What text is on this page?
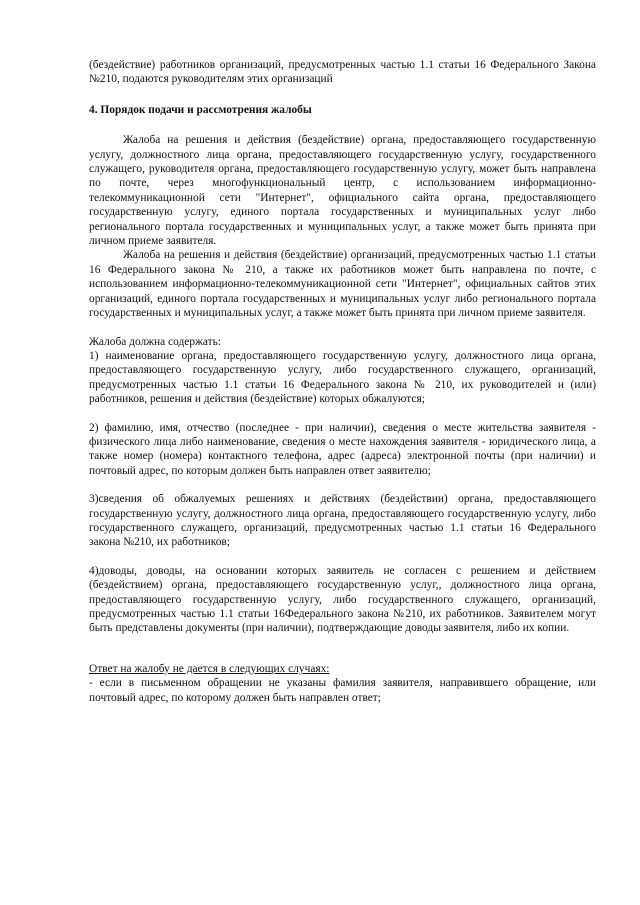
(бездействие) работников организаций, предусмотренных частью 1.1 статьи 16 Федерального Закона №210, подаются руководителям этих организаций

4. Порядок подачи и рассмотрения жалобы

Жалоба на решения и действия (бездействие) органа, предоставляющего государственную услугу, должностного лица органа, предоставляющего государственную услугу, государственного служащего, руководителя органа, предоставляющего государственную услугу, может быть направлена по почте, через многофункциональный центр, с использованием информационно-телекоммуникационной сети "Интернет", официального сайта органа, предоставляющего государственную услугу, единого портала государственных и муниципальных услуг либо регионального портала государственных и муниципальных услуг, а также может быть принята при личном приеме заявителя.

Жалоба на решения и действия (бездействие) организаций, предусмотренных частью 1.1 статьи 16 Федерального закона № 210, а также их работников может быть направлена по почте, с использованием информационно-телекоммуникационной сети "Интернет", официальных сайтов этих организаций, единого портала государственных и муниципальных услуг либо регионального портала государственных и муниципальных услуг, а также может быть принята при личном приеме заявителя.

Жалоба должна содержать:

1) наименование органа, предоставляющего государственную услугу, должностного лица органа, предоставляющего государственную услугу, либо государственного служащего, организаций, предусмотренных частью 1.1 статьи 16 Федерального закона № 210, их руководителей и (или) работников, решения и действия (бездействие) которых обжалуются;

2) фамилию, имя, отчество (последнее - при наличии), сведения о месте жительства заявителя - физического лица либо наименование, сведения о месте нахождения заявителя - юридического лица, а также номер (номера) контактного телефона, адрес (адреса) электронной почты (при наличии) и почтовый адрес, по которым должен быть направлен ответ заявителю;

3)сведения об обжалуемых решениях и действиях (бездействии) органа, предоставляющего государственную услугу, должностного лица органа, предоставляющего государственную услугу, либо государственного служащего, организаций, предусмотренных частью 1.1 статьи 16 Федерального закона №210, их работников;

4)доводы, доводы, на основании которых заявитель не согласен с решением и действием (бездействием) органа, предоставляющего государственную услуг,, должностного лица органа, предоставляющего государственную услугу, либо государственного служащего, организаций, предусмотренных частью 1.1 статьи 16Федерального закона №210, их работников. Заявителем могут быть представлены документы (при наличии), подтверждающие доводы заявителя, либо их копии.

Ответ на жалобу не дается в следующих случаях:

- если в письменном обращении не указаны фамилия заявителя, направившего обращение, или почтовый адрес, по которому должен быть направлен ответ;
